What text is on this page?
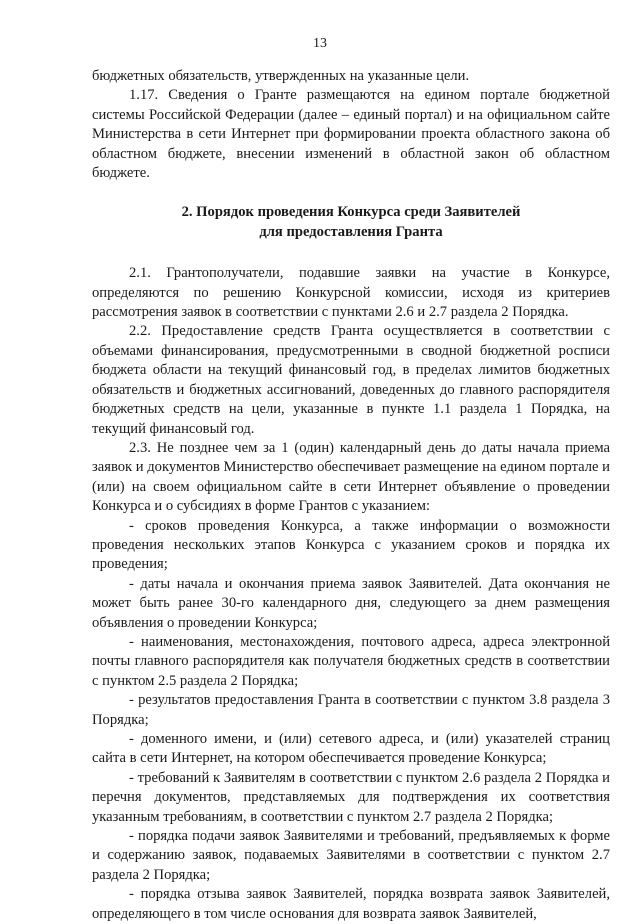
13

бюджетных обязательств, утвержденных на указанные цели.

1.17. Сведения о Гранте размещаются на едином портале бюджетной системы Российской Федерации (далее – единый портал) и на официальном сайте Министерства в сети Интернет при формировании проекта областного закона об областном бюджете, внесении изменений в областной закон об областном бюджете.

2. Порядок проведения Конкурса среди Заявителей
для предоставления Гранта

2.1. Грантополучатели, подавшие заявки на участие в Конкурсе, определяются по решению Конкурсной комиссии, исходя из критериев рассмотрения заявок в соответствии с пунктами 2.6 и 2.7 раздела 2 Порядка.

2.2. Предоставление средств Гранта осуществляется в соответствии с объемами финансирования, предусмотренными в сводной бюджетной росписи бюджета области на текущий финансовый год, в пределах лимитов бюджетных обязательств и бюджетных ассигнований, доведенных до главного распорядителя бюджетных средств на цели, указанные в пункте 1.1 раздела 1 Порядка, на текущий финансовый год.

2.3. Не позднее чем за 1 (один) календарный день до даты начала приема заявок и документов Министерство обеспечивает размещение на едином портале и (или) на своем официальном сайте в сети Интернет объявление о проведении Конкурса и о субсидиях в форме Грантов с указанием:

- сроков проведения Конкурса, а также информации о возможности проведения нескольких этапов Конкурса с указанием сроков и порядка их проведения;

- даты начала и окончания приема заявок Заявителей. Дата окончания не может быть ранее 30-го календарного дня, следующего за днем размещения объявления о проведении Конкурса;

- наименования, местонахождения, почтового адреса, адреса электронной почты главного распорядителя как получателя бюджетных средств в соответствии с пунктом 2.5 раздела 2 Порядка;

- результатов предоставления Гранта в соответствии с пунктом 3.8 раздела 3 Порядка;

- доменного имени, и (или) сетевого адреса, и (или) указателей страниц сайта в сети Интернет, на котором обеспечивается проведение Конкурса;

- требований к Заявителям в соответствии с пунктом 2.6 раздела 2 Порядка и перечня документов, представляемых для подтверждения их соответствия указанным требованиям, в соответствии с пунктом 2.7 раздела 2 Порядка;

- порядка подачи заявок Заявителями и требований, предъявляемых к форме и содержанию заявок, подаваемых Заявителями в соответствии с пунктом 2.7 раздела 2 Порядка;

- порядка отзыва заявок Заявителей, порядка возврата заявок Заявителей, определяющего в том числе основания для возврата заявок Заявителей,
